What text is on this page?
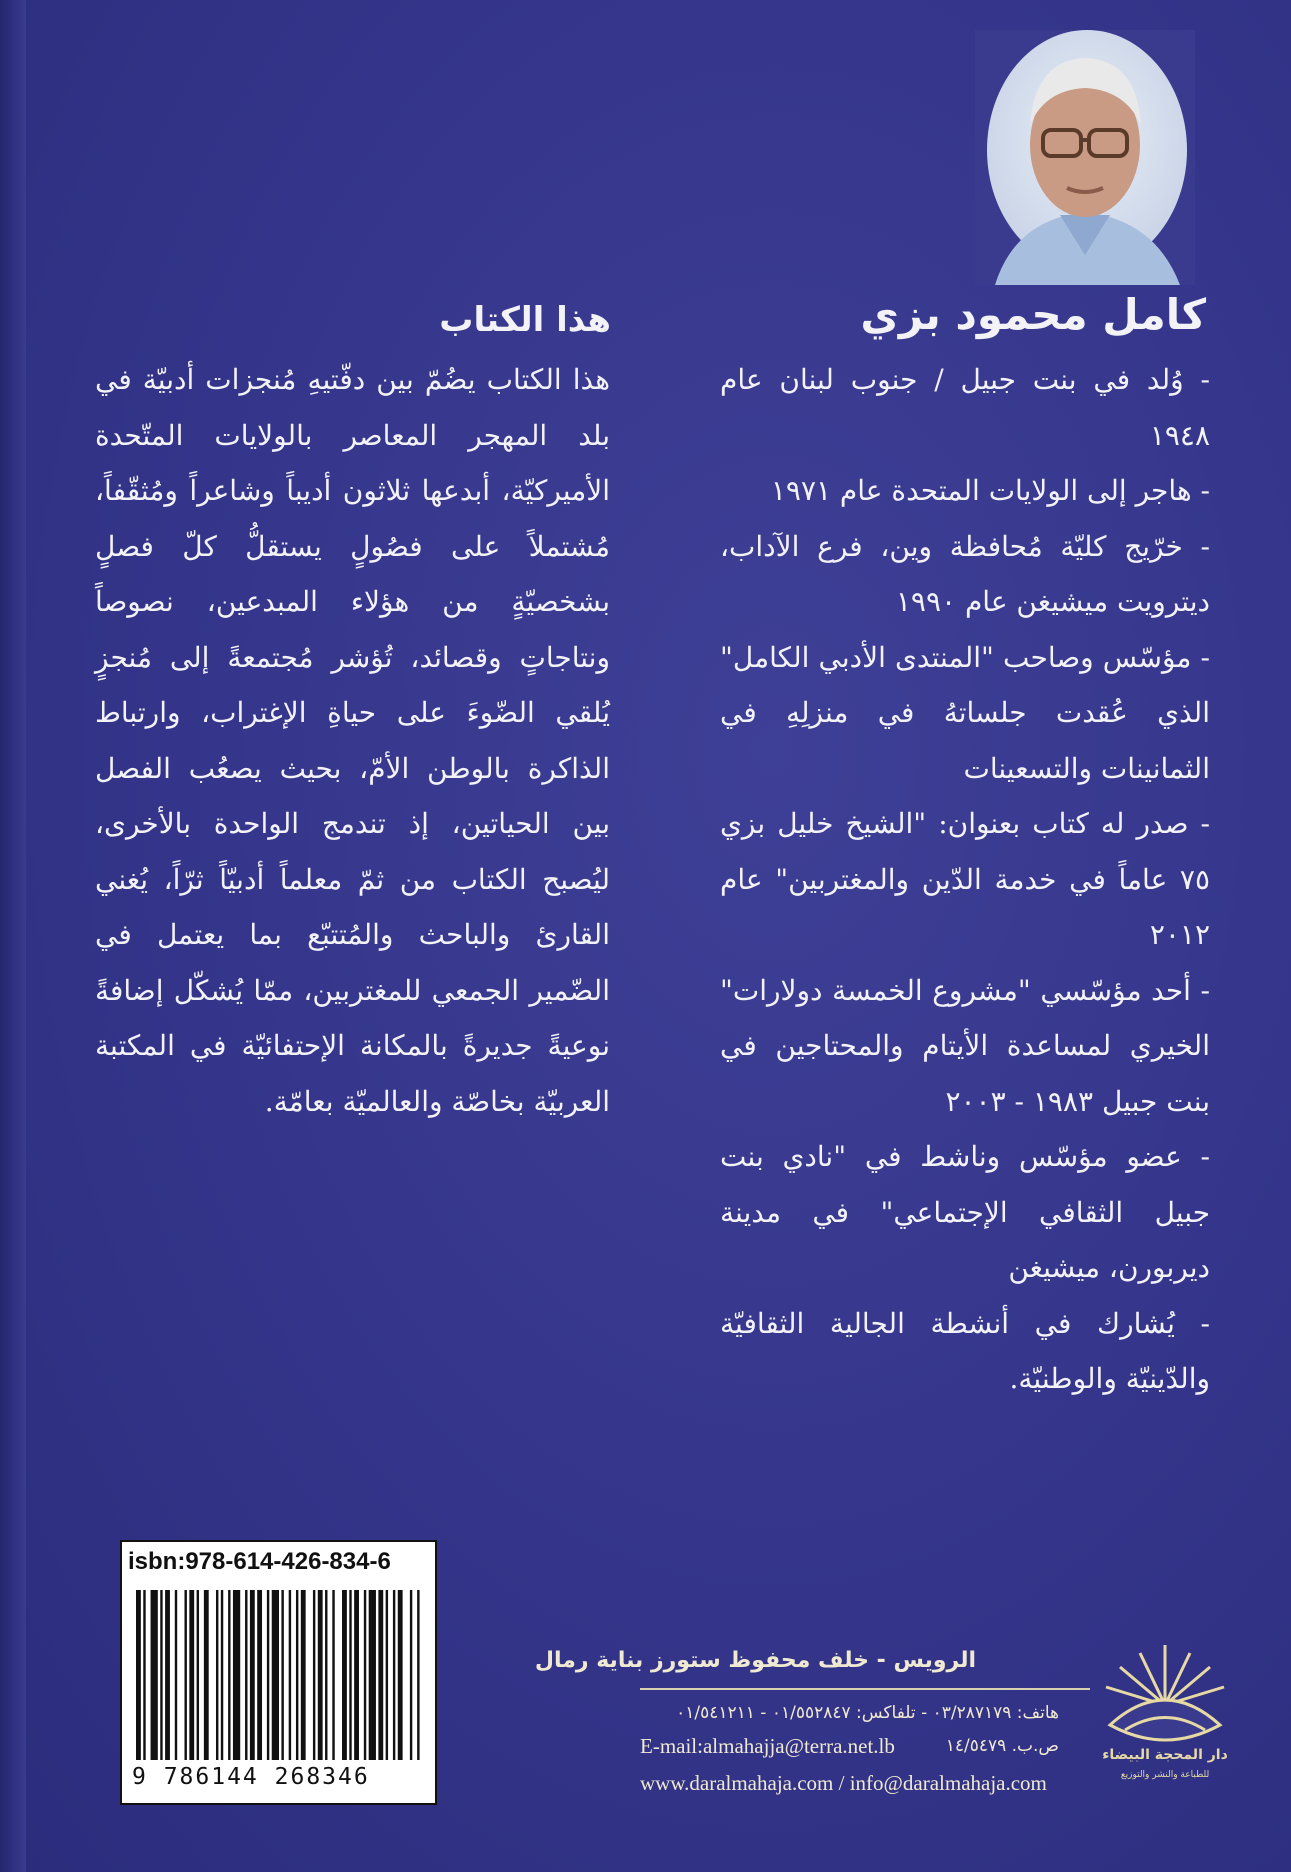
كامل محمود بزي

- وُلد في بنت جبيل / جنوب لبنان عام ١٩٤٨

- هاجر إلى الولايات المتحدة عام ١٩٧١

- خرّيج كليّة مُحافظة وين، فرع الآداب، ديترويت ميشيغن عام ١٩٩٠

- مؤسّس وصاحب "المنتدى الأدبي الكامل" الذي عُقدت جلساتهُ في منزلِهِ في الثمانينات والتسعينات

- صدر له كتاب بعنوان: "الشيخ خليل بزي ٧٥ عاماً في خدمة الدّين والمغتربين" عام ٢٠١٢

- أحد مؤسّسي "مشروع الخمسة دولارات" الخيري لمساعدة الأيتام والمحتاجين في بنت جبيل ١٩٨٣ - ٢٠٠٣

- عضو مؤسّس وناشط في "نادي بنت جبيل الثقافي الإجتماعي" في مدينة ديربورن، ميشيغن

- يُشارك في أنشطة الجالية الثقافيّة والدّينيّة والوطنيّة.

هذا الكتاب

هذا الكتاب يضُمّ بين دفّتيهِ مُنجزات أدبيّة في بلد المهجر المعاصر بالولايات المتّحدة الأميركيّة، أبدعها ثلاثون أديباً وشاعراً ومُثقّفاً، مُشتملاً على فصُولٍ يستقلُّ كلّ فصلٍ بشخصيّةٍ من هؤلاء المبدعين، نصوصاً ونتاجاتٍ وقصائد، تُؤشر مُجتمعةً إلى مُنجزٍ يُلقي الضّوءَ على حياةِ الإغتراب، وارتباط الذاكرة بالوطن الأمّ، بحيث يصعُب الفصل بين الحياتين، إذ تندمج الواحدة بالأخرى، ليُصبح الكتاب من ثمّ معلماً أدبيّاً ثرّاً، يُغني القارئ والباحث والمُتتبّع بما يعتمل في الضّمير الجمعي للمغتربين، ممّا يُشكّل إضافةً نوعيةً جديرةً بالمكانة الإحتفائيّة في المكتبة العربيّة بخاصّة والعالميّة بعامّة.

isbn:978-614-426-834-6
9 786144 268346
دار المحجة البيضاء
للطباعة والنشر والتوزيع
الرويس - خلف محفوظ ستورز بناية رمال
هاتف: ٠٣/٢٨٧١٧٩ - تلفاكس: ٠١/٥٥٢٨٤٧ - ٠١/٥٤١٢١١
ص.ب. ١٤/٥٤٧٩
E-mail:almahajja@terra.net.lb
www.daralmahaja.com / info@daralmahaja.com
